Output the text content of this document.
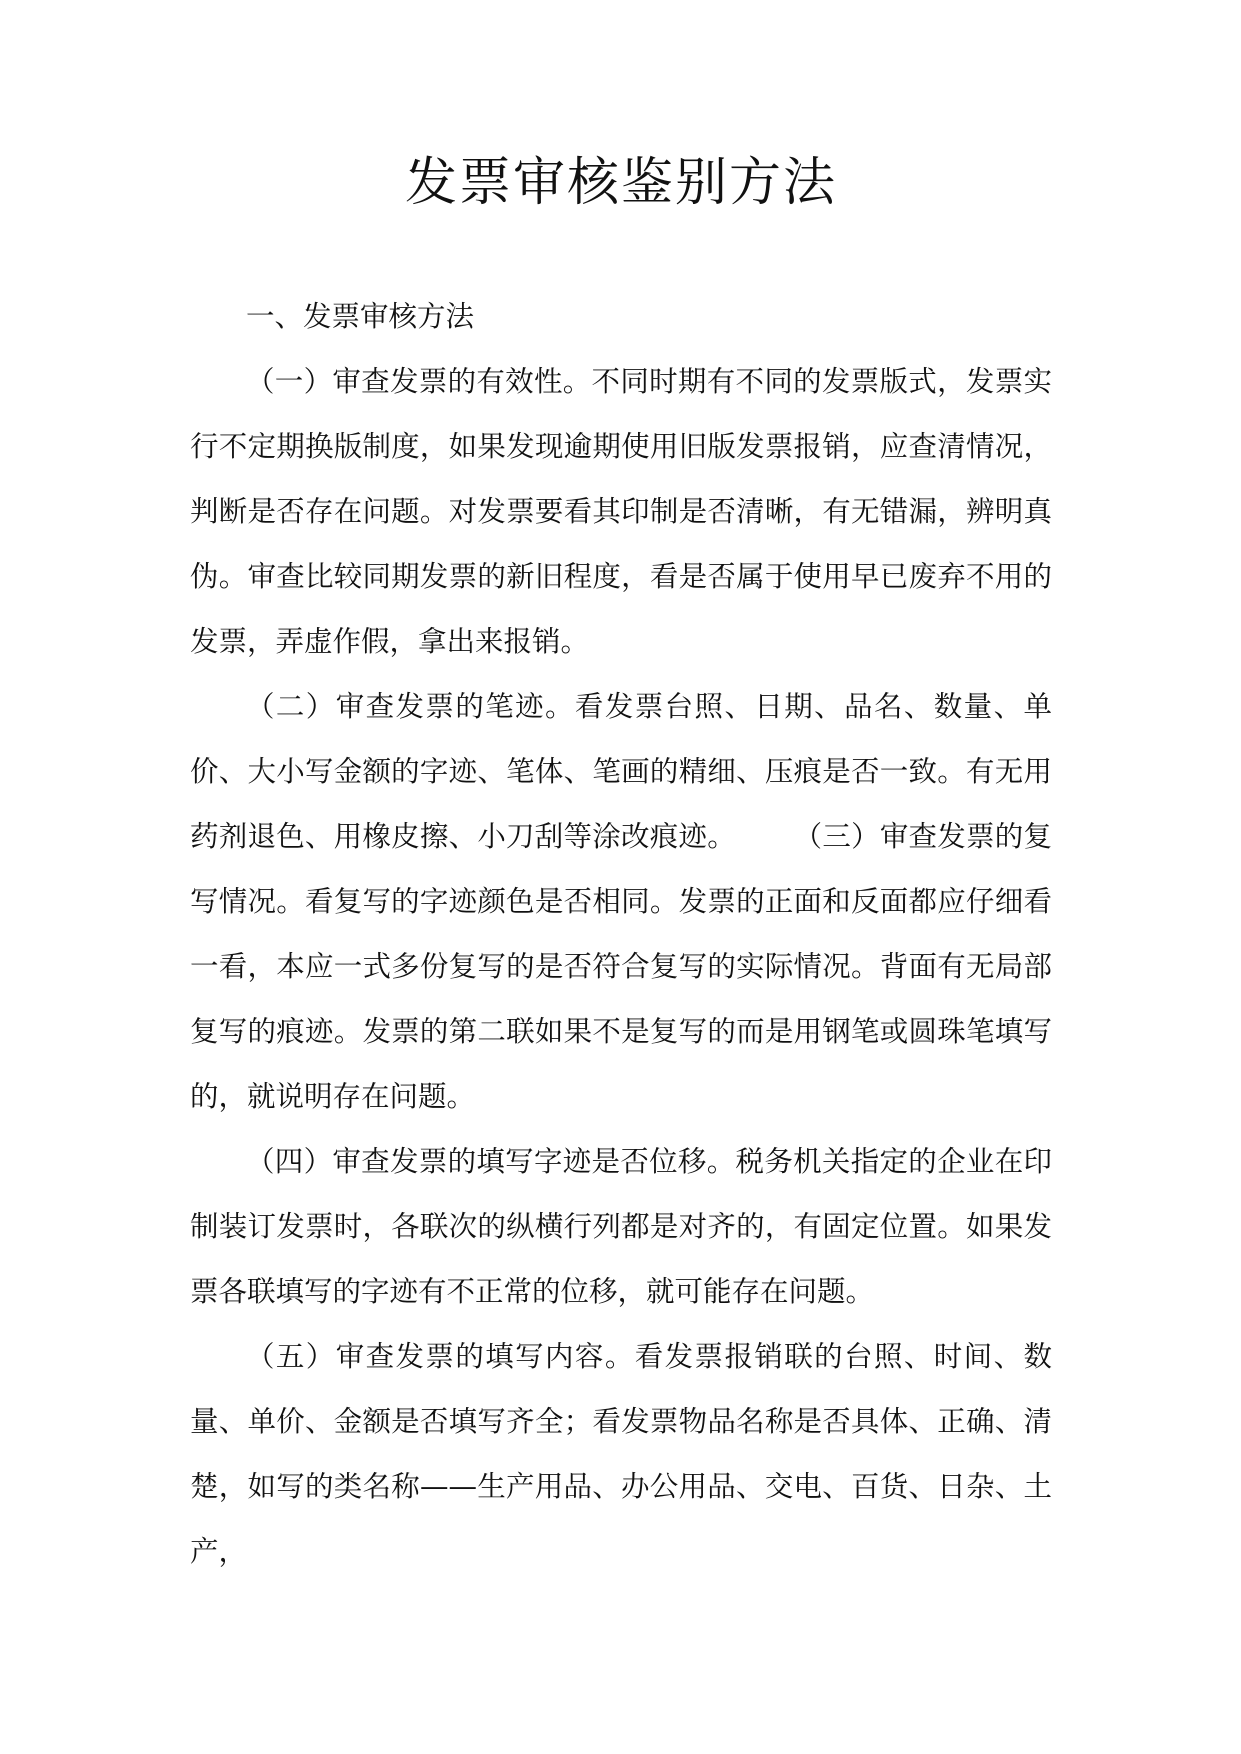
发票审核鉴别方法
一、发票审核方法

（一）审查发票的有效性。不同时期有不同的发票版式，发票实行不定期换版制度，如果发现逾期使用旧版发票报销，应查清情况，判断是否存在问题。对发票要看其印制是否清晰，有无错漏，辨明真伪。审查比较同期发票的新旧程度，看是否属于使用早已废弃不用的发票，弄虚作假，拿出来报销。

（二）审查发票的笔迹。看发票台照、日期、品名、数量、单价、大小写金额的字迹、笔体、笔画的精细、压痕是否一致。有无用药剂退色、用橡皮擦、小刀刮等涂改痕迹。　　　（三）审查发票的复写情况。看复写的字迹颜色是否相同。发票的正面和反面都应仔细看一看，本应一式多份复写的是否符合复写的实际情况。背面有无局部复写的痕迹。发票的第二联如果不是复写的而是用钢笔或圆珠笔填写的，就说明存在问题。

（四）审查发票的填写字迹是否位移。税务机关指定的企业在印制装订发票时，各联次的纵横行列都是对齐的，有固定位置。如果发票各联填写的字迹有不正常的位移，就可能存在问题。

（五）审查发票的填写内容。看发票报销联的台照、时间、数量、单价、金额是否填写齐全；看发票物品名称是否具体、正确、清楚，如写的类名称——生产用品、办公用品、交电、百货、日杂、土产，
